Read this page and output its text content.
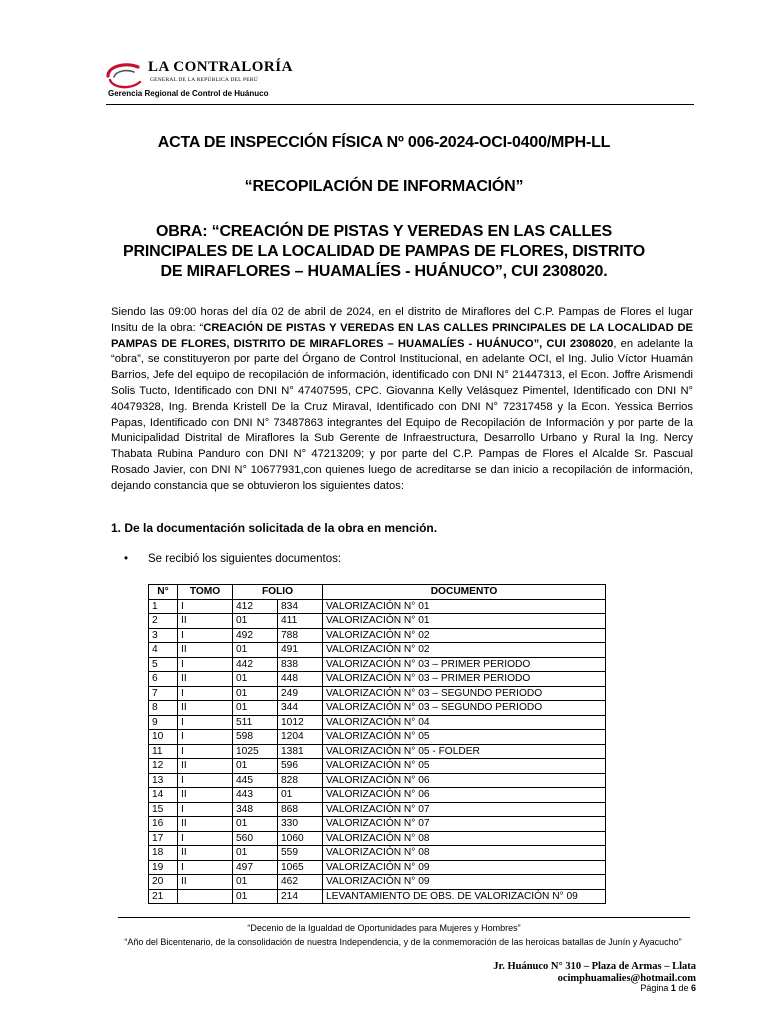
LA CONTRALORÍA
GENERAL DE LA REPÚBLICA DEL PERÚ
Gerencia Regional de Control de Huánuco
ACTA DE INSPECCIÓN FÍSICA Nº 006-2024-OCI-0400/MPH-LL
“RECOPILACIÓN DE INFORMACIÓN”
OBRA: “CREACIÓN DE PISTAS Y VEREDAS EN LAS CALLES PRINCIPALES DE LA LOCALIDAD DE PAMPAS DE FLORES, DISTRITO DE MIRAFLORES – HUAMALÍES - HUÁNUCO”, CUI 2308020.
Siendo las 09:00 horas del día 02 de abril de 2024, en el distrito de Miraflores del C.P. Pampas de Flores el lugar Insitu de la obra: “CREACIÓN DE PISTAS Y VEREDAS EN LAS CALLES PRINCIPALES DE LA LOCALIDAD DE PAMPAS DE FLORES, DISTRITO DE MIRAFLORES – HUAMALÍES - HUÁNUCO”, CUI 2308020, en adelante la “obra”, se constituyeron por parte del Órgano de Control Institucional, en adelante OCI, el Ing. Julio Víctor Huamán Barrios, Jefe del equipo de recopilación de información, identificado con DNI N° 21447313, el Econ. Joffre Arismendi Solis Tucto, Identificado con DNI N° 47407595, CPC. Giovanna Kelly Velásquez Pimentel, Identificado con DNI N° 40479328, Ing. Brenda Kristell De la Cruz Miraval, Identificado con DNI N° 72317458 y la Econ. Yessica Berrios Papas, Identificado con DNI N° 73487863 integrantes del Equipo de Recopilación de Información y por parte de la Municipalidad Distrital de Miraflores la Sub Gerente de Infraestructura, Desarrollo Urbano y Rural la Ing. Nercy Thabata Rubina Panduro con DNI N° 47213209; y por parte del C.P. Pampas de Flores el Alcalde Sr. Pascual Rosado Javier, con DNI N° 10677931,con quienes luego de acreditarse se dan inicio a recopilación de información, dejando constancia que se obtuvieron los siguientes datos:
1. De la documentación solicitada de la obra en mención.
• Se recibió los siguientes documentos:
N°	TOMO	FOLIO		DOCUMENTO
1	I	412	834	VALORIZACIÓN N° 01
2	II	01	411	VALORIZACIÓN N° 01
3	I	492	788	VALORIZACIÓN N° 02
4	II	01	491	VALORIZACIÓN N° 02
5	I	442	838	VALORIZACIÓN N° 03 – PRIMER PERIODO
6	II	01	448	VALORIZACIÓN N° 03 – PRIMER PERIODO
7	I	01	249	VALORIZACIÓN N° 03 – SEGUNDO PERIODO
8	II	01	344	VALORIZACIÓN N° 03 – SEGUNDO PERIODO
9	I	511	1012	VALORIZACIÓN N° 04
10	I	598	1204	VALORIZACIÓN N° 05
11	I	1025	1381	VALORIZACIÓN N° 05 - FOLDER
12	II	01	596	VALORIZACIÓN N° 05
13	I	445	828	VALORIZACIÓN N° 06
14	II	443	01	VALORIZACIÓN N° 06
15	I	348	868	VALORIZACIÓN N° 07
16	II	01	330	VALORIZACIÓN N° 07
17	I	560	1060	VALORIZACIÓN N° 08
18	II	01	559	VALORIZACIÓN N° 08
19	I	497	1065	VALORIZACIÓN N° 09
20	II	01	462	VALORIZACIÓN N° 09
21		01	214	LEVANTAMIENTO DE OBS. DE VALORIZACIÓN N° 09
“Decenio de la Igualdad de Oportunidades para Mujeres y Hombres”
“Año del Bicentenario, de la consolidación de nuestra Independencia, y de la conmemoración de las heroicas batallas de Junín y Ayacucho”
Jr. Huánuco N° 310 – Plaza de Armas – Llata
ocimphuamalies@hotmail.com
Página 1 de 6
